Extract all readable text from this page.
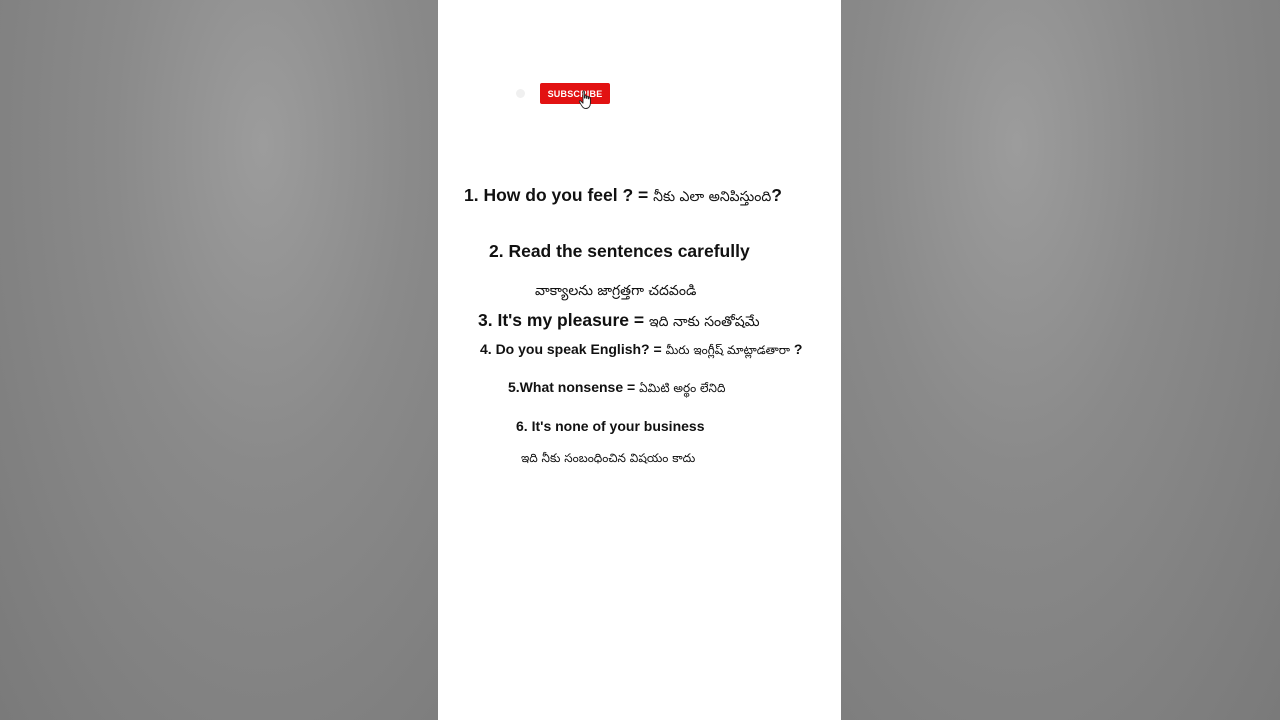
SUBSCRIBE
1. How do you feel ? = నీకు ఎలా అనిపిస్తుంది?
2. Read the sentences carefully
వాక్యాలను జాగ్రత్తగా చదవండి
3. It's my pleasure = ఇది నాకు సంతోషమే
4. Do you speak English? = మీరు ఇంగ్లీష్ మాట్లాడతారా ?
5.What nonsense = ఏమిటి అర్థం లేనిది
6. It's none of your business
ఇది నీకు సంబంధించిన విషయం కాదు
